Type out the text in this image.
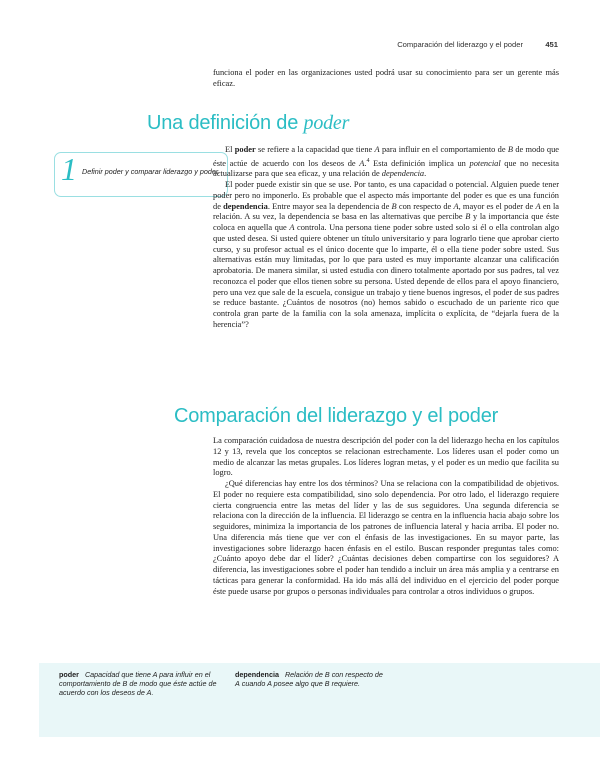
Comparación del liderazgo y el poder	451

funciona el poder en las organizaciones usted podrá usar su conocimiento para ser un gerente más eficaz.

Una definición de poder
1 Definir poder y comparar liderazgo y poder.

El poder se refiere a la capacidad que tiene A para influir en el comportamiento de B de modo que éste actúe de acuerdo con los deseos de A.$^4$ Esta definición implica un potencial que no necesita actualizarse para que sea eficaz, y una relación de dependencia.

El poder puede existir sin que se use. Por tanto, es una capacidad o potencial. Alguien puede tener poder pero no imponerlo. Es probable que el aspecto más importante del poder es que es una función de dependencia. Entre mayor sea la dependencia de B con respecto de A, mayor es el poder de A en la relación. A su vez, la dependencia se basa en las alternativas que percibe B y la importancia que éste coloca en aquella que A controla. Una persona tiene poder sobre usted solo si él o ella controlan algo que usted desea. Si usted quiere obtener un título universitario y para lograrlo tiene que aprobar cierto curso, y su profesor actual es el único docente que lo imparte, él o ella tiene poder sobre usted. Sus alternativas están muy limitadas, por lo que para usted es muy importante alcanzar una calificación aprobatoria. De manera similar, si usted estudia con dinero totalmente aportado por sus padres, tal vez reconozca el poder que ellos tienen sobre su persona. Usted depende de ellos para el apoyo financiero, pero una vez que sale de la escuela, consigue un trabajo y tiene buenos ingresos, el poder de sus padres se reduce bastante. ¿Cuántos de nosotros (no) hemos sabido o escuchado de un pariente rico que controla gran parte de la familia con la sola amenaza, implícita o explícita, de “dejarla fuera de la herencia”?

Comparación del liderazgo y el poder

La comparación cuidadosa de nuestra descripción del poder con la del liderazgo hecha en los capítulos 12 y 13, revela que los conceptos se relacionan estrechamente. Los líderes usan el poder como un medio de alcanzar las metas grupales. Los líderes logran metas, y el poder es un medio que facilita su logro.

¿Qué diferencias hay entre los dos términos? Una se relaciona con la compatibilidad de objetivos. El poder no requiere esta compatibilidad, sino solo dependencia. Por otro lado, el liderazgo requiere cierta congruencia entre las metas del líder y las de sus seguidores. Una segunda diferencia se relaciona con la dirección de la influencia. El liderazgo se centra en la influencia hacia abajo sobre los seguidores, minimiza la importancia de los patrones de influencia lateral y hacia arriba. El poder no. Una diferencia más tiene que ver con el énfasis de las investigaciones. En su mayor parte, las investigaciones sobre liderazgo hacen énfasis en el estilo. Buscan responder preguntas tales como: ¿Cuánto apoyo debe dar el líder? ¿Cuántas decisiones deben compartirse con los seguidores? A diferencia, las investigaciones sobre el poder han tendido a incluir un área más amplia y a centrarse en tácticas para generar la conformidad. Ha ido más allá del individuo en el ejercicio del poder porque éste puede usarse por grupos o personas individuales para controlar a otros individuos o grupos.

poder Capacidad que tiene A para influir en el comportamiento de B de modo que éste actúe de acuerdo con los deseos de A.
dependencia Relación de B con respecto de A cuando A posee algo que B requiere.
